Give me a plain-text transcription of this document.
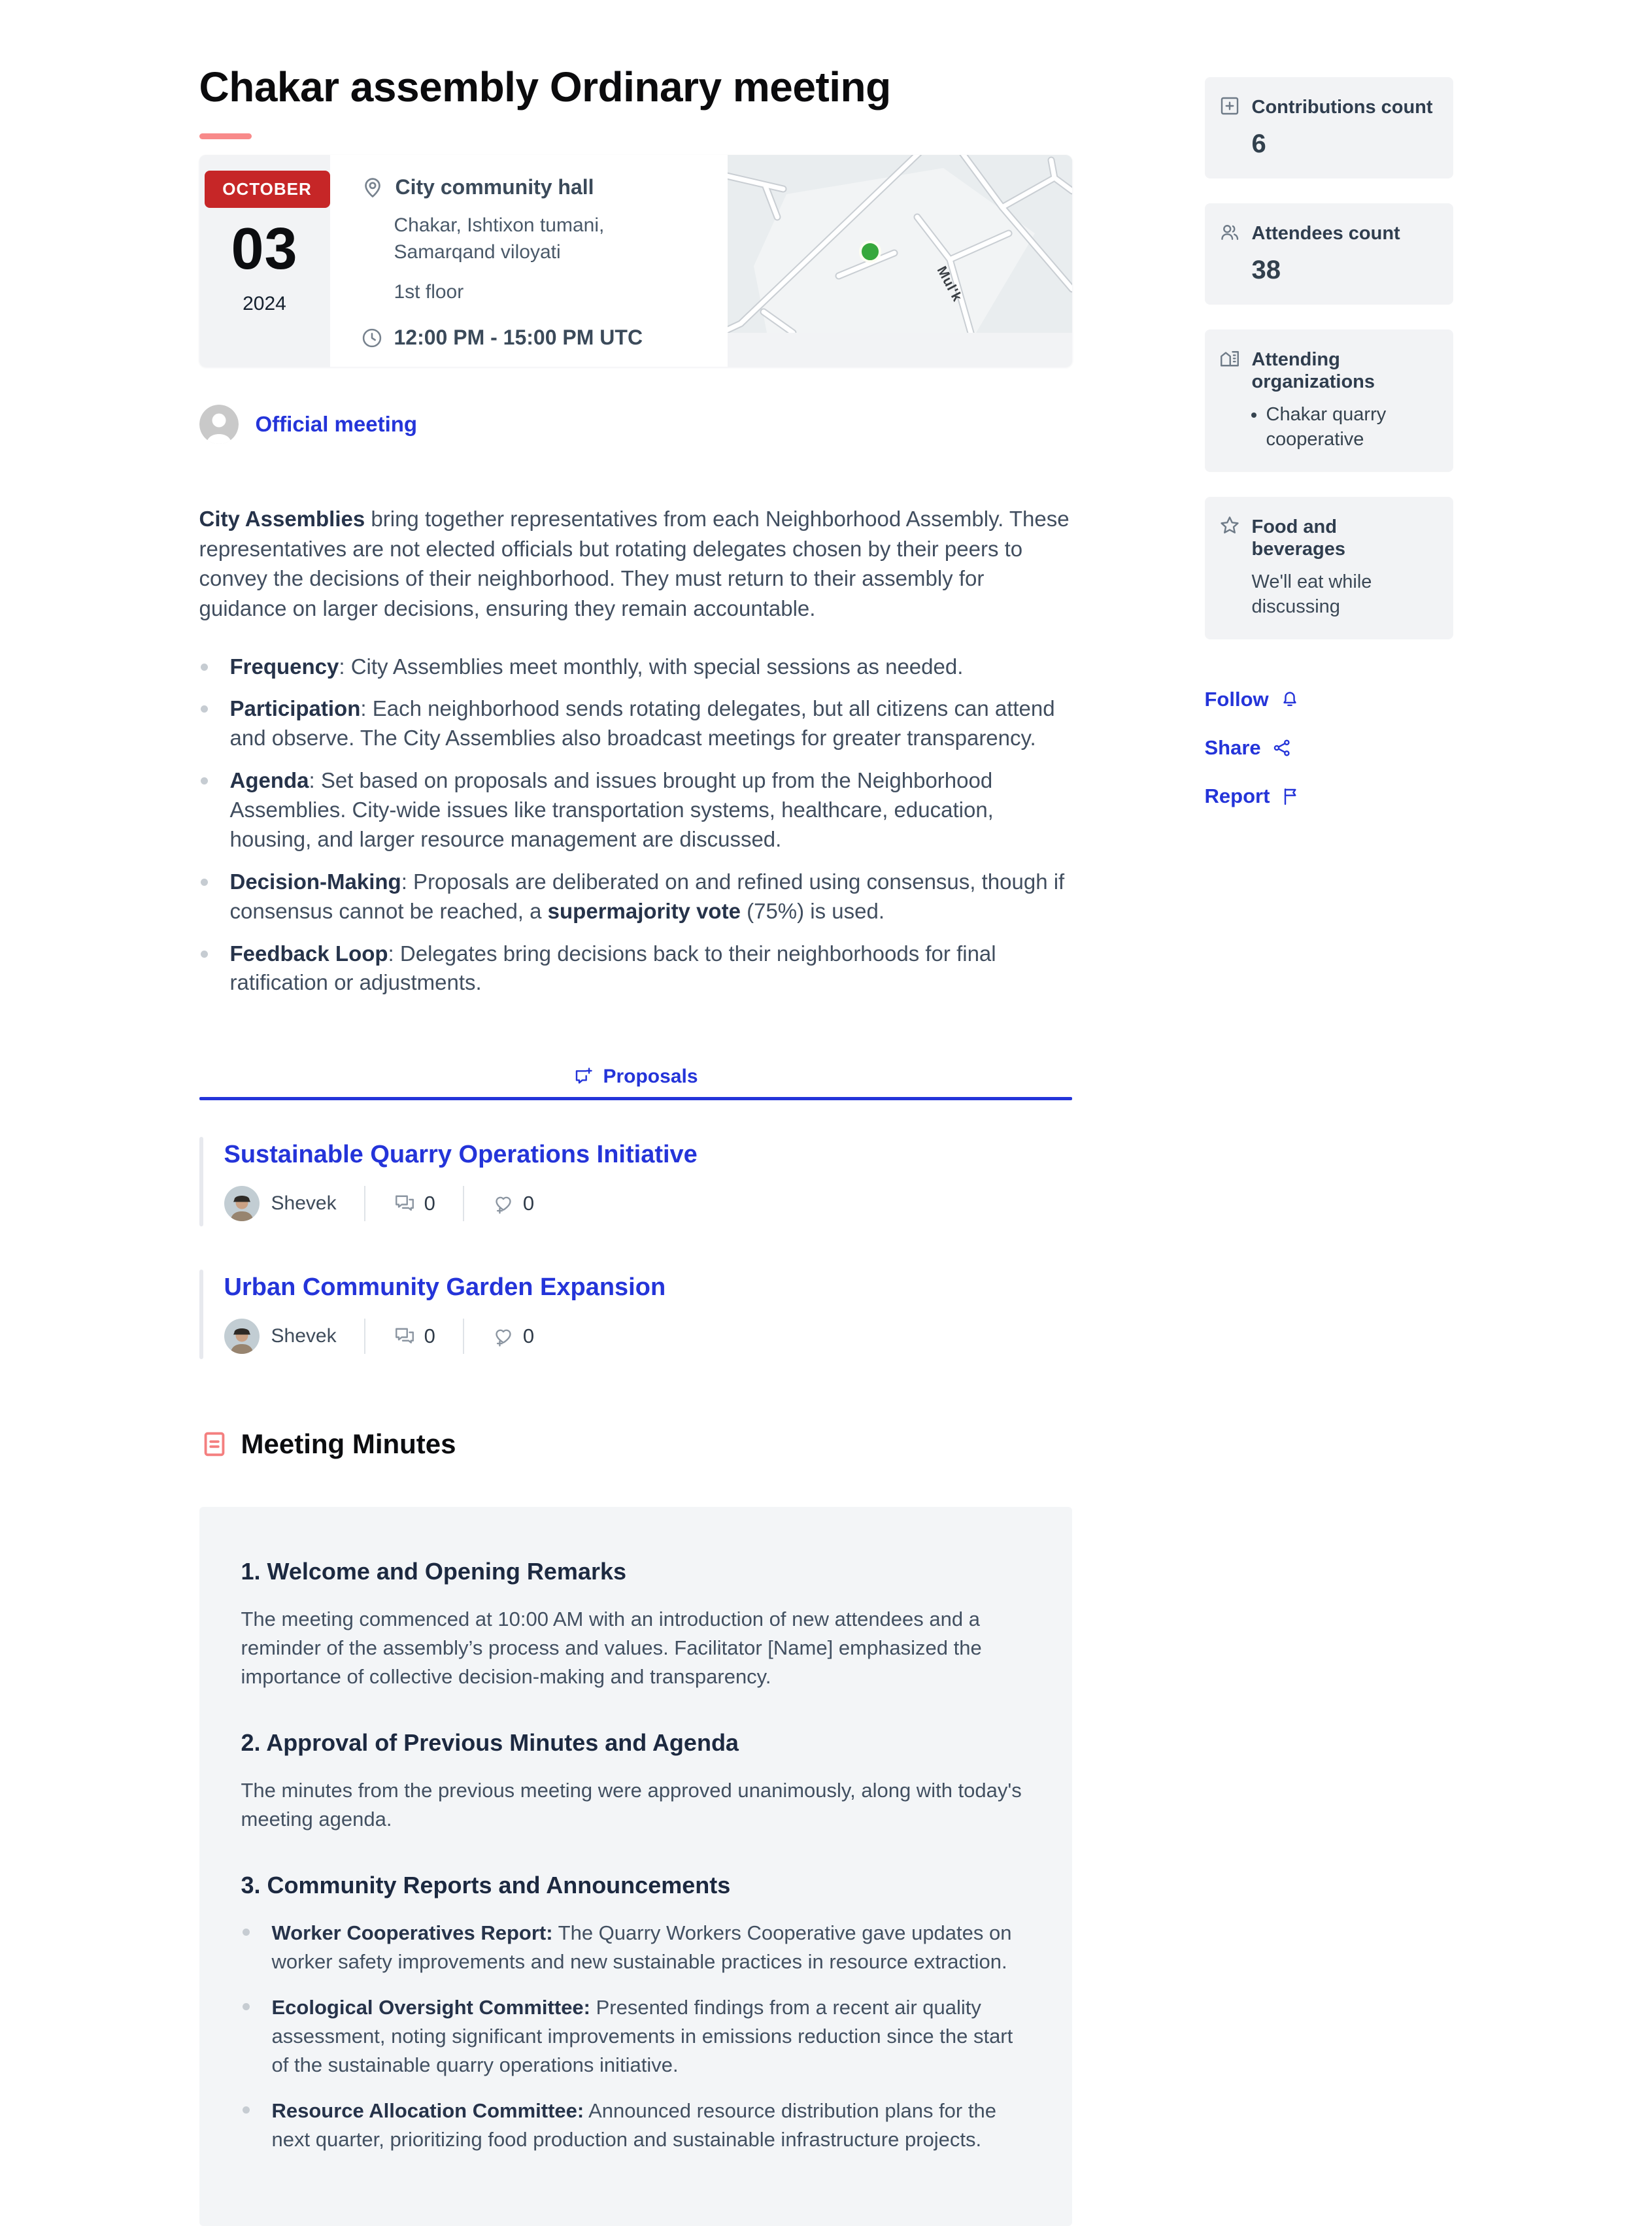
Chakar assembly Ordinary meeting
OCTOBER
03
2024
City community hall
Chakar, Ishtixon tumani, Samarqand viloyati
1st floor
12:00 PM - 15:00 PM UTC
Mul'k
Official meeting

City Assemblies bring together representatives from each Neighborhood Assembly. These representatives are not elected officials but rotating delegates chosen by their peers to convey the decisions of their neighborhood. They must return to their assembly for guidance on larger decisions, ensuring they remain accountable.

Frequency: City Assemblies meet monthly, with special sessions as needed.

Participation: Each neighborhood sends rotating delegates, but all citizens can attend and observe. The City Assemblies also broadcast meetings for greater transparency.

Agenda: Set based on proposals and issues brought up from the Neighborhood Assemblies. City-wide issues like transportation systems, healthcare, education, housing, and larger resource management are discussed.

Decision-Making: Proposals are deliberated on and refined using consensus, though if consensus cannot be reached, a supermajority vote (75%) is used.

Feedback Loop: Delegates bring decisions back to their neighborhoods for final ratification or adjustments.

Proposals
Sustainable Quarry Operations Initiative
Shevek	0	0
Urban Community Garden Expansion
Shevek	0	0
Meeting Minutes
1. Welcome and Opening Remarks

The meeting commenced at 10:00 AM with an introduction of new attendees and a reminder of the assembly’s process and values. Facilitator [Name] emphasized the importance of collective decision-making and transparency.

2. Approval of Previous Minutes and Agenda

The minutes from the previous meeting were approved unanimously, along with today's meeting agenda.

3. Community Reports and Announcements

Worker Cooperatives Report: The Quarry Workers Cooperative gave updates on worker safety improvements and new sustainable practices in resource extraction.

Ecological Oversight Committee: Presented findings from a recent air quality assessment, noting significant improvements in emissions reduction since the start of the sustainable quarry operations initiative.

Resource Allocation Committee: Announced resource distribution plans for the next quarter, prioritizing food production and sustainable infrastructure projects.

Contributions count
6
Attendees count
38
Attending organizations
• Chakar quarry cooperative
Food and beverages
We'll eat while discussing
Follow
Share
Report
